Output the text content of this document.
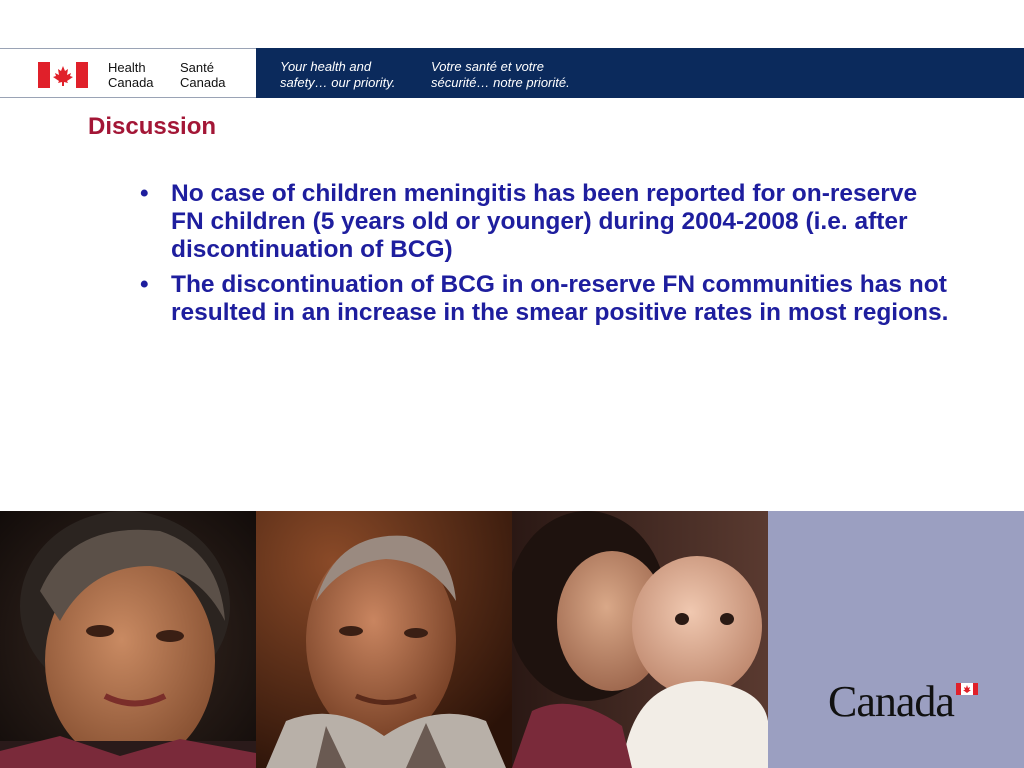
Health
Canada
Santé
Canada
Your health and
safety… our priority.
Votre santé et votre
sécurité… notre priorité.
Discussion
• No case of children meningitis has been reported for on-reserve FN children (5 years old or younger) during 2004-2008 (i.e. after discontinuation of BCG)
• The discontinuation of BCG in on-reserve FN communities has not resulted in an increase in the smear positive rates in most regions.
Canada
